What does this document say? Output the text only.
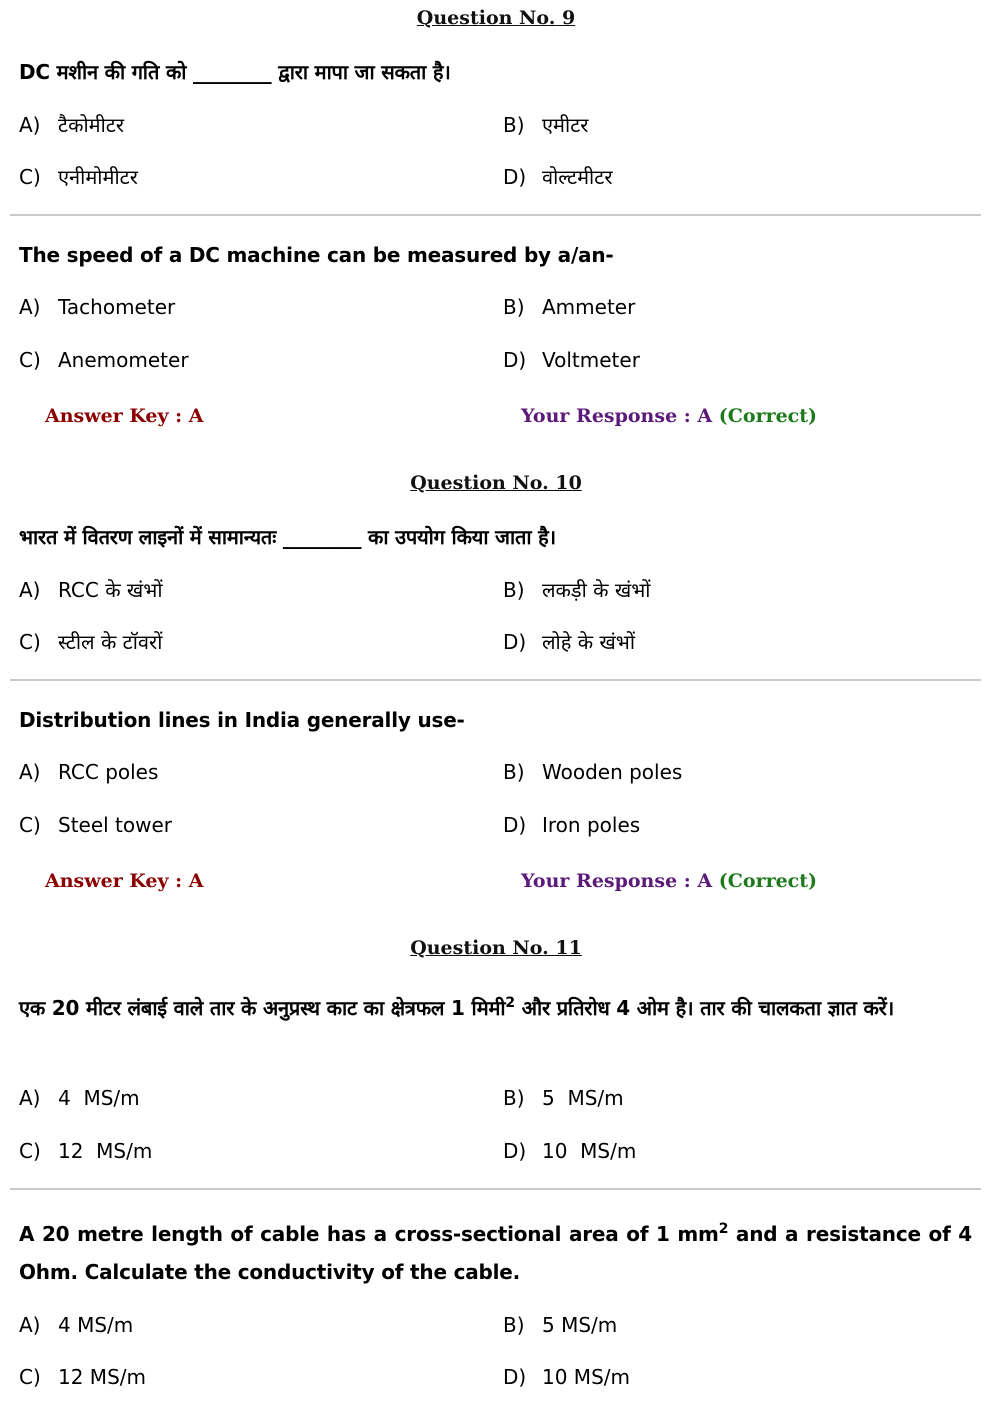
Question No. 9
DC मशीन की गति को ________ द्वारा मापा जा सकता है।
A) टैकोमीटर	B) एमीटर
C) एनीमोमीटर	D) वोल्टमीटर
The speed of a DC machine can be measured by a/an-
A) Tachometer	B) Ammeter
C) Anemometer	D) Voltmeter
Answer Key : A	Your Response : A (Correct)
Question No. 10
भारत में वितरण लाइनों में सामान्यतः ________ का उपयोग किया जाता है।
A) RCC के खंभों	B) लकड़ी के खंभों
C) स्टील के टॉवरों	D) लोहे के खंभों
Distribution lines in India generally use-
A) RCC poles	B) Wooden poles
C) Steel tower	D) Iron poles
Answer Key : A	Your Response : A (Correct)
Question No. 11
एक 20 मीटर लंबाई वाले तार के अनुप्रस्थ काट का क्षेत्रफल 1 मिमी$^2$ और प्रतिरोध 4 ओम है। तार की चालकता ज्ञात करें।
A) 4  MS/m	B) 5  MS/m
C) 12  MS/m	D) 10  MS/m
A 20 metre length of cable has a cross-sectional area of 1 $mm^2$ and a resistance of 4 Ohm. Calculate the conductivity of the cable.
A) 4 MS/m	B) 5 MS/m
C) 12 MS/m	D) 10 MS/m
